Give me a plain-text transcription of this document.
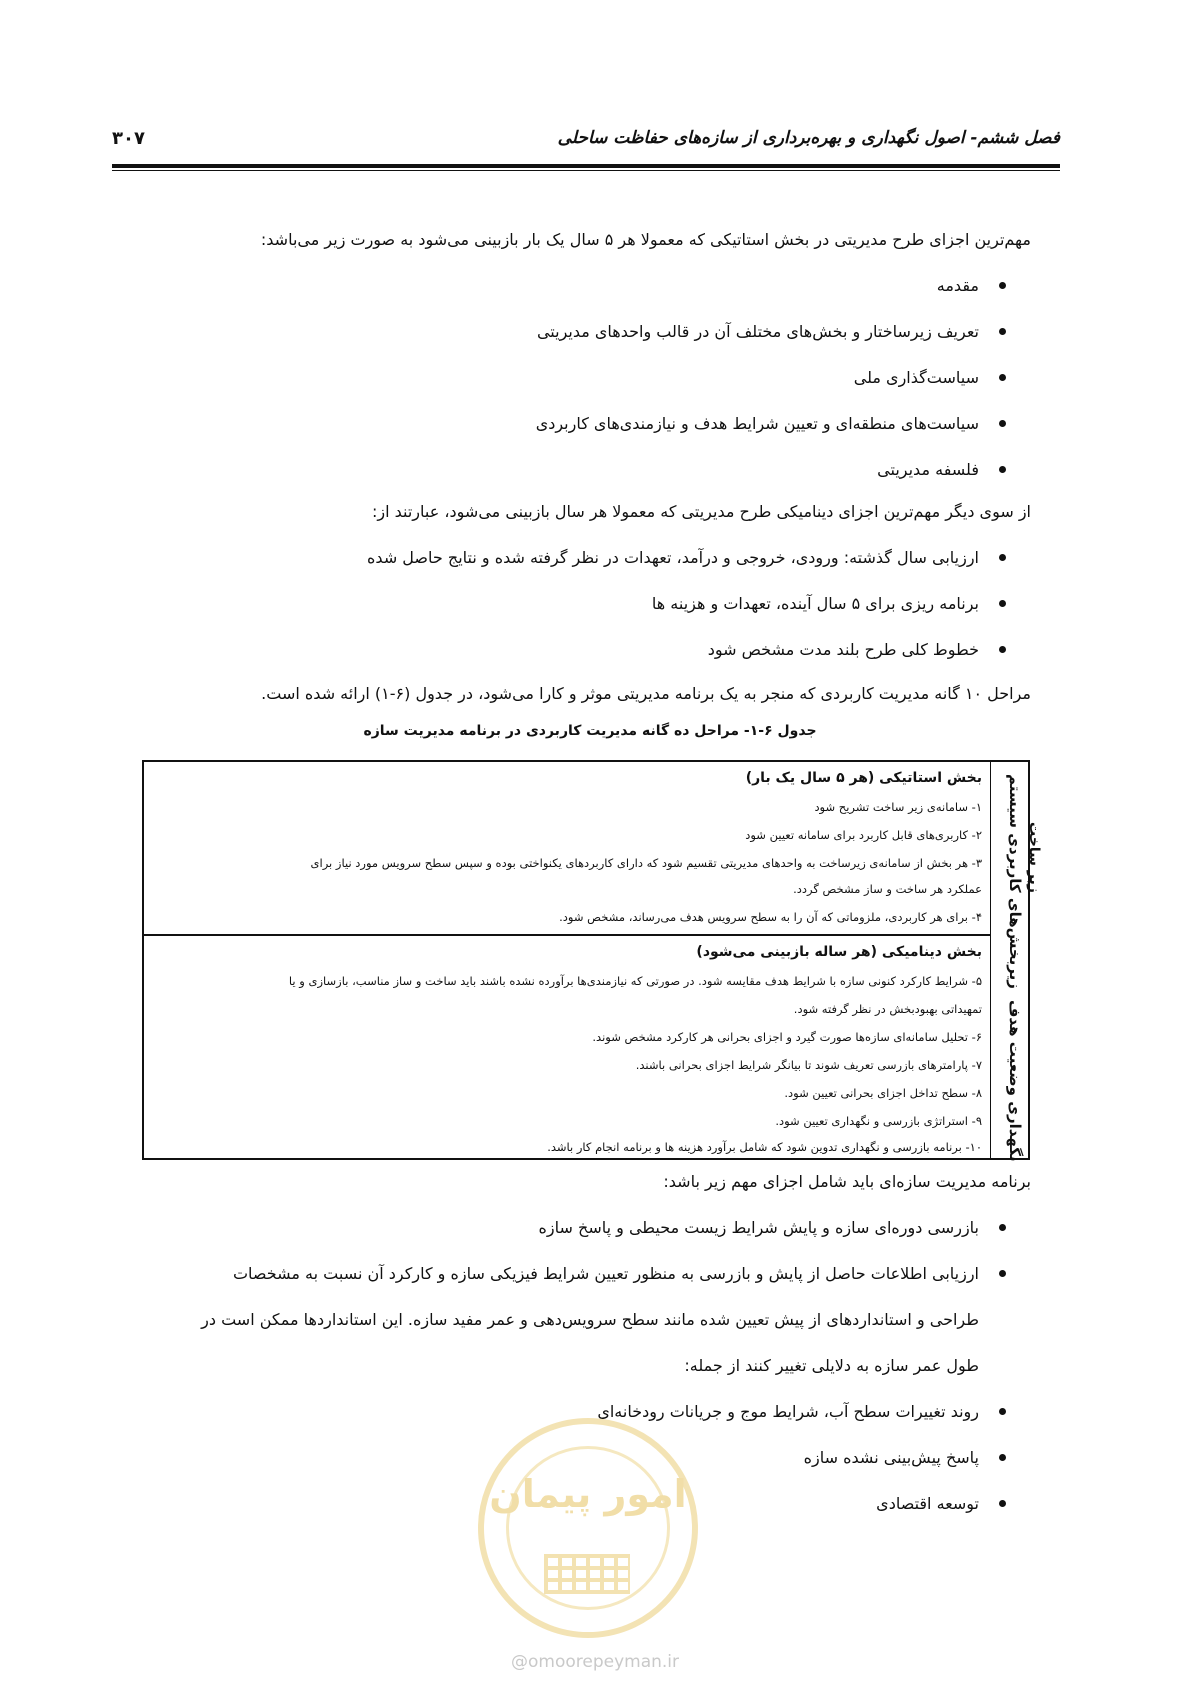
فصل ششم- اصول نگهداری و بهره‌برداری از سازه‌های حفاظت ساحلی
۳۰۷
مهم‌ترین اجزای طرح مدیریتی در بخش استاتیکی که معمولا هر ۵ سال یک بار بازبینی می‌شود به صورت زیر می‌باشد:
مقدمه
تعریف زیرساختار و بخش‌های مختلف آن در قالب واحدهای مدیریتی
سیاست‌گذاری ملی
سیاست‌های منطقه‌ای و تعیین شرایط هدف و نیازمندی‌های کاربردی
فلسفه مدیریتی
از سوی دیگر مهم‌ترین اجزای دینامیکی طرح مدیریتی که معمولا هر سال بازبینی می‌شود، عبارتند از:
ارزیابی سال گذشته: ورودی، خروجی و درآمد، تعهدات در نظر گرفته شده و نتایج حاصل شده
برنامه ریزی برای ۵ سال آینده، تعهدات و هزینه ها
خطوط کلی طرح بلند مدت مشخص شود
مراحل ۱۰ گانه مدیریت کاربردی که منجر به یک برنامه مدیریتی موثر و کارا می‌شود، در جدول (۶-۱) ارائه شده است.
جدول ۶-۱- مراحل ده گانه مدیریت کاربردی در برنامه مدیریت سازه
زیربخش‌های کاربردی سیستم زیر ساخت
نگهداری وضعیت هدف
بخش استاتیکی (هر ۵ سال یک بار)
۱- سامانه‌ی زیر ساخت تشریح شود
۲- کاربری‌های قابل کاربرد برای سامانه تعیین شود
۳- هر بخش از سامانه‌ی زیرساخت به واحدهای مدیریتی تقسیم شود که دارای کاربردهای یکنواختی بوده و سپس سطح سرویس مورد نیاز برای
عملکرد هر ساخت و ساز مشخص گردد.
۴- برای هر کاربردی، ملزوماتی که آن را به سطح سرویس هدف می‌رساند، مشخص شود.
بخش دینامیکی (هر ساله بازبینی می‌شود)
۵- شرایط کارکرد کنونی سازه با شرایط هدف مقایسه شود. در صورتی که نیازمندی‌ها برآورده نشده باشند باید ساخت و ساز مناسب، بازسازی و یا
تمهیداتی بهبودبخش در نظر گرفته شود.
۶- تحلیل سامانه‌ای سازه‌ها صورت گیرد و اجزای بحرانی هر کارکرد مشخص شوند.
۷- پارامترهای بازرسی تعریف شوند تا بیانگر شرایط اجزای بحرانی باشند.
۸- سطح تداخل اجزای بحرانی تعیین شود.
۹- استراتژی بازرسی و نگهداری تعیین شود.
۱۰- برنامه بازرسی و نگهداری تدوین شود که شامل برآورد هزینه ها و برنامه انجام کار باشد.
برنامه مدیریت سازه‌ای باید شامل اجزای مهم زیر باشد:
بازرسی دوره‌ای سازه و پایش شرایط زیست محیطی و پاسخ سازه
ارزیابی اطلاعات حاصل از پایش و بازرسی به منظور تعیین شرایط فیزیکی سازه و کارکرد آن نسبت به مشخصات
طراحی و استانداردهای از پیش تعیین شده مانند سطح سرویس‌دهی و عمر مفید سازه. این استانداردها ممکن است در
طول عمر سازه به دلایلی تغییر کنند از جمله:
روند تغییرات سطح آب، شرایط موج و جریانات رودخانه‌ای
پاسخ پیش‌بینی نشده سازه
توسعه اقتصادی
امور پیمان
@omoorepeyman.ir
